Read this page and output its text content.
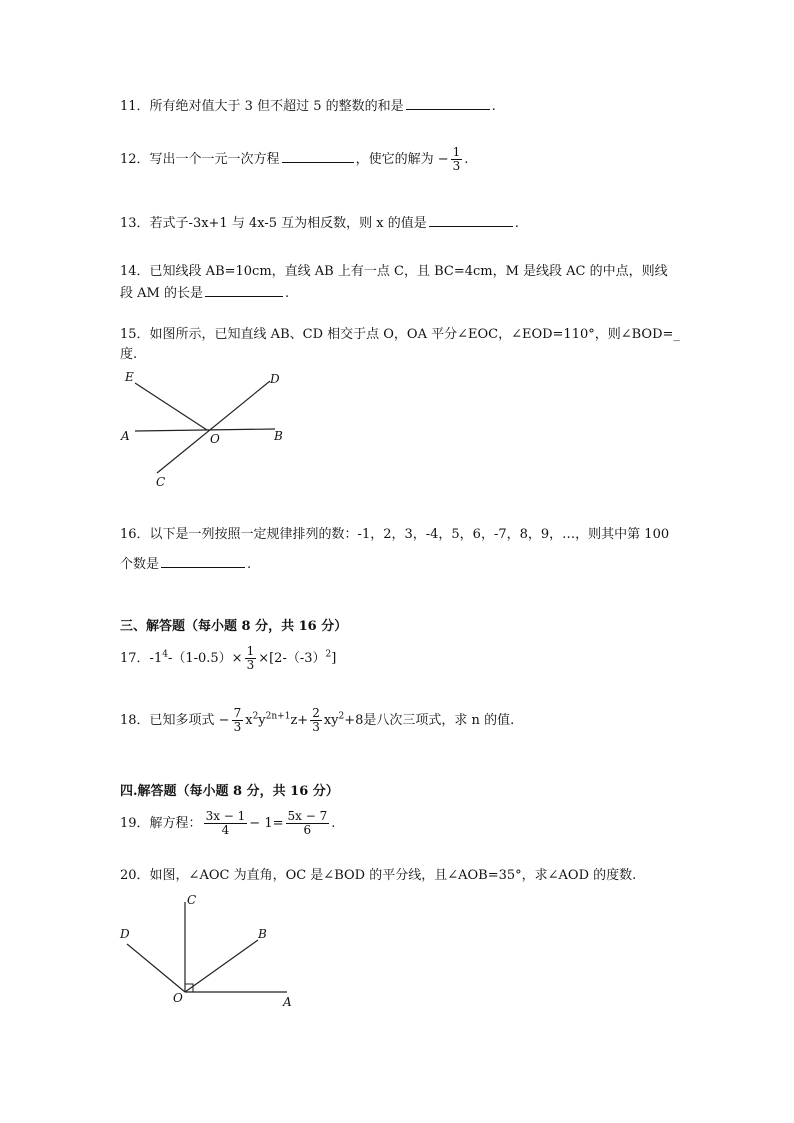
11．所有绝对值大于 3 但不超过 5 的整数的和是	.
12．写出一个一元一次方程	，使它的解为 − $\frac{1}{3}$ .
13．若式子-3x+1 与 4x-5 互为相反数，则 x 的值是	.
14．已知线段 AB=10cm，直线 AB 上有一点 C，且 BC=4cm，M 是线段 AC 的中点，则线
段 AM 的长是	.
15．如图所示，已知直线 AB、CD 相交于点 O，OA 平分∠EOC，∠EOD=110°，则∠BOD=_
度.
E	D
A	O	B
C
16．以下是一列按照一定规律排列的数：-1，2，3，-4，5，6，-7，8，9，…，则其中第 100
个数是	.
三、解答题（每小题 8 分，共 16 分）
17．$-1^4-(1-0.5)\times \frac{1}{3} \times[2-(-3)^2]$
18．已知多项式 − $\frac{7}{3} x^2y^{2n+1}z+ \frac{2}{3} xy^2+8$是八次三项式，求 n 的值.
四.解答题（每小题 8 分，共 16 分）
19．解方程： $\frac{3x - 1}{4} - 1= \frac{5x - 7}{6}$ .
20．如图，∠AOC 为直角，OC 是∠BOD 的平分线，且∠AOB=35°，求∠AOD 的度数.
C
D	B
O	A
